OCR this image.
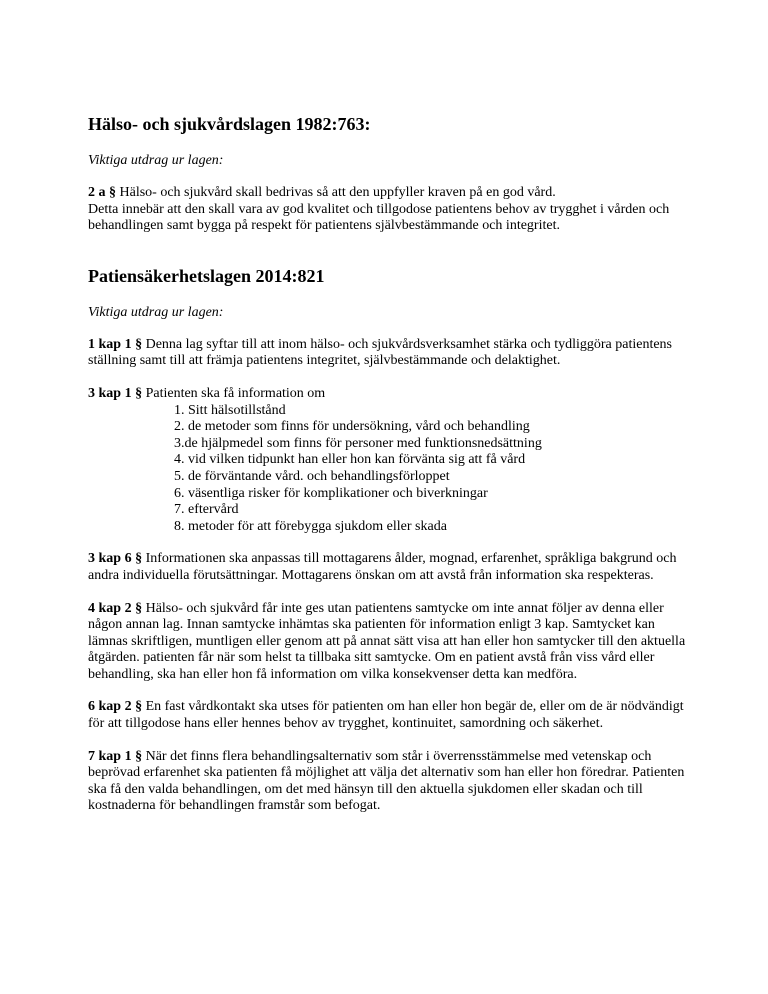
Hälso- och sjukvårdslagen 1982:763:

Viktiga utdrag ur lagen:

2 a § Hälso- och sjukvård skall bedrivas så att den uppfyller kraven på en god vård.
Detta innebär att den skall vara av god kvalitet och tillgodose patientens behov av trygghet i vården och behandlingen samt bygga på respekt för patientens självbestämmande och integritet.

Patiensäkerhetslagen 2014:821

Viktiga utdrag ur lagen:

1 kap 1 § Denna lag syftar till att inom hälso- och sjukvårdsverksamhet stärka och tydliggöra patientens ställning samt till att främja patientens integritet, självbestämmande och delaktighet.

3 kap 1 § Patienten ska få information om

1. Sitt hälsotillstånd
2. de metoder som finns för undersökning, vård och behandling
3.de hjälpmedel som finns för personer med funktionsnedsättning
4. vid vilken tidpunkt han eller hon kan förvänta sig att få vård
5. de förväntande vård. och behandlingsförloppet
6. väsentliga risker för komplikationer och biverkningar
7. eftervård
8. metoder för att förebygga sjukdom eller skada

3 kap 6 § Informationen ska anpassas till mottagarens ålder, mognad, erfarenhet, språkliga bakgrund och andra individuella förutsättningar. Mottagarens önskan om att avstå från information ska respekteras.

4 kap 2 § Hälso- och sjukvård får inte ges utan patientens samtycke om inte annat följer av denna eller någon annan lag. Innan samtycke inhämtas ska patienten för information enligt 3 kap. Samtycket kan lämnas skriftligen, muntligen eller genom att på annat sätt visa att han eller hon samtycker till den aktuella åtgärden. patienten får när som helst ta tillbaka sitt samtycke. Om en patient avstå från viss vård eller behandling, ska han eller hon få information om vilka konsekvenser detta kan medföra.

6 kap 2 § En fast vårdkontakt ska utses för patienten om han eller hon begär de, eller om de är nödvändigt för att tillgodose hans eller hennes behov av trygghet, kontinuitet, samordning och säkerhet.

7 kap 1 § När det finns flera behandlingsalternativ som står i överrensstämmelse med vetenskap och beprövad erfarenhet ska patienten få möjlighet att välja det alternativ som han eller hon föredrar. Patienten ska få den valda behandlingen, om det med hänsyn till den aktuella sjukdomen eller skadan och till kostnaderna för behandlingen framstår som befogat.
